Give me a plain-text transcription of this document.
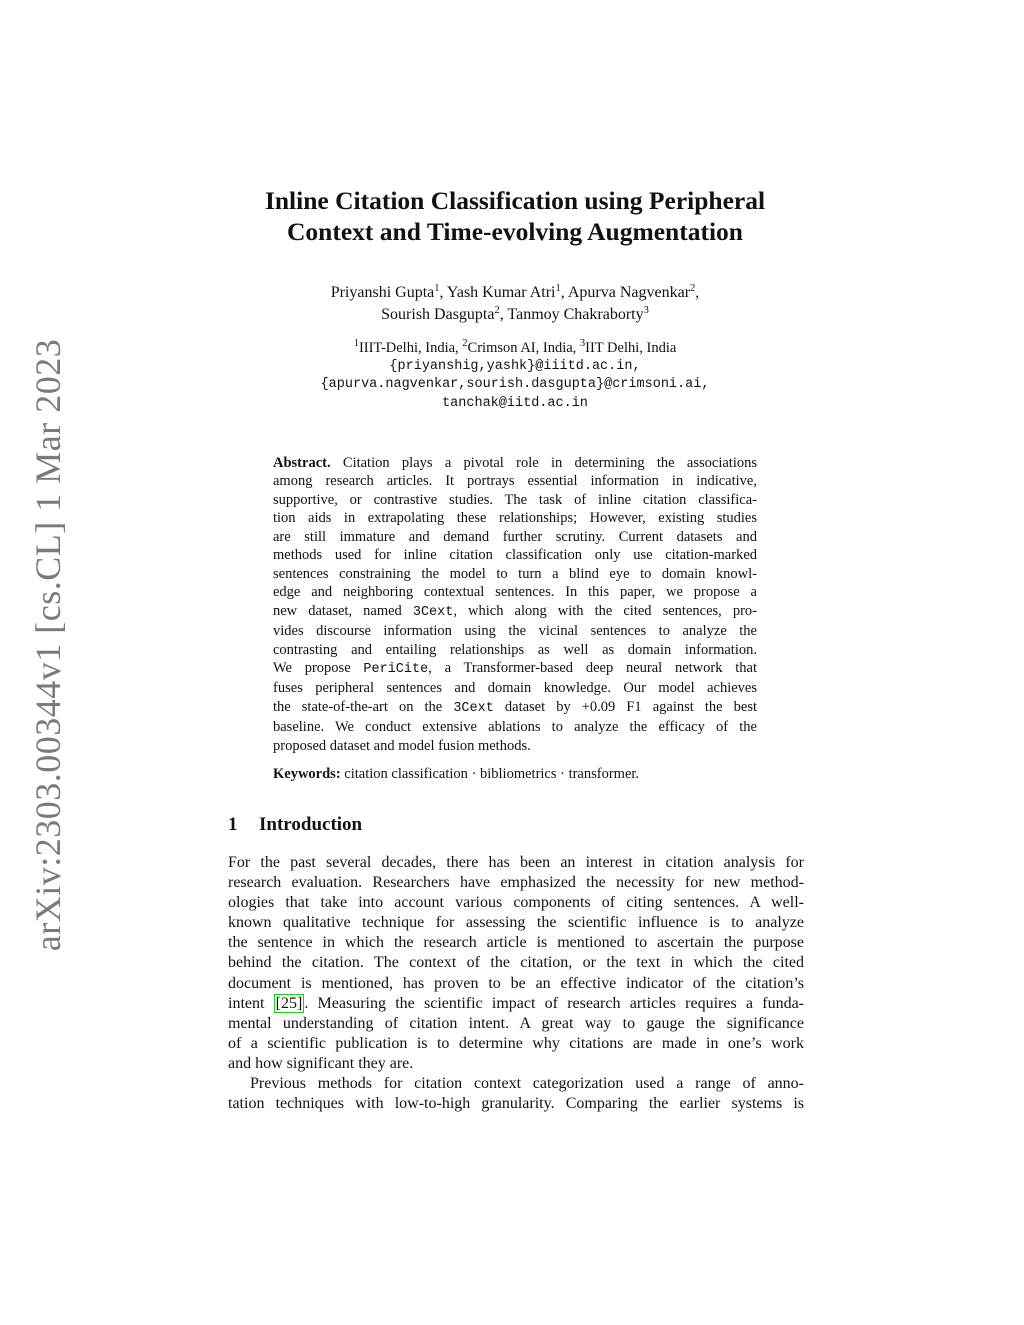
arXiv:2303.00344v1 [cs.CL] 1 Mar 2023
Inline Citation Classification using Peripheral
Context and Time-evolving Augmentation
Priyanshi Gupta$^1$, Yash Kumar Atri$^1$, Apurva Nagvenkar$^2$,
Sourish Dasgupta$^2$, Tanmoy Chakraborty$^3$
$^1$IIIT-Delhi, India, $^2$Crimson AI, India, $^3$IIT Delhi, India
{priyanshig,yashk}@iiitd.ac.in,
{apurva.nagvenkar,sourish.dasgupta}@crimsoni.ai,
tanchak@iitd.ac.in
Abstract. Citation plays a pivotal role in determining the associations
among research articles. It portrays essential information in indicative,
supportive, or contrastive studies. The task of inline citation classifica-
tion aids in extrapolating these relationships; However, existing studies
are still immature and demand further scrutiny. Current datasets and
methods used for inline citation classification only use citation-marked
sentences constraining the model to turn a blind eye to domain knowl-
edge and neighboring contextual sentences. In this paper, we propose a
new dataset, named 3Cext, which along with the cited sentences, pro-
vides discourse information using the vicinal sentences to analyze the
contrasting and entailing relationships as well as domain information.
We propose PeriCite, a Transformer-based deep neural network that
fuses peripheral sentences and domain knowledge. Our model achieves
the state-of-the-art on the 3Cext dataset by +0.09 F1 against the best
baseline. We conduct extensive ablations to analyze the efficacy of the
proposed dataset and model fusion methods.
Keywords: citation classification · bibliometrics · transformer.
1 Introduction
For the past several decades, there has been an interest in citation analysis for
research evaluation. Researchers have emphasized the necessity for new method-
ologies that take into account various components of citing sentences. A well-
known qualitative technique for assessing the scientific influence is to analyze
the sentence in which the research article is mentioned to ascertain the purpose
behind the citation. The context of the citation, or the text in which the cited
document is mentioned, has proven to be an effective indicator of the citation’s
intent [25] . Measuring the scientific impact of research articles requires a funda-
mental understanding of citation intent. A great way to gauge the significance
of a scientific publication is to determine why citations are made in one’s work
and how significant they are.
Previous methods for citation context categorization used a range of anno-
tation techniques with low-to-high granularity. Comparing the earlier systems is
